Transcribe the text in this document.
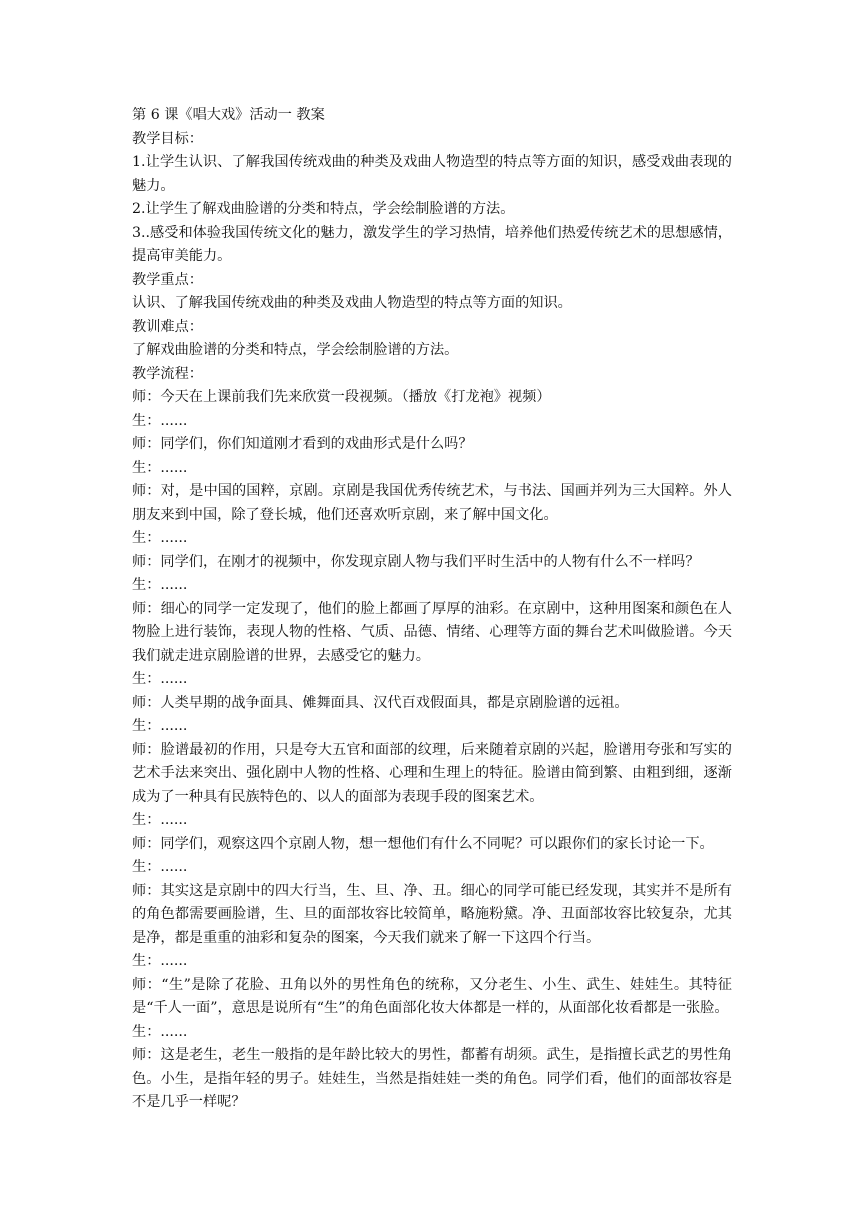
第 6 课《唱大戏》活动一 教案

教学目标：

1.让学生认识、了解我国传统戏曲的种类及戏曲人物造型的特点等方面的知识，感受戏曲表现的魅力。

2.让学生了解戏曲脸谱的分类和特点，学会绘制脸谱的方法。

3..感受和体验我国传统文化的魅力，激发学生的学习热情，培养他们热爱传统艺术的思想感情，提高审美能力。

教学重点：

认识、了解我国传统戏曲的种类及戏曲人物造型的特点等方面的知识。

教训难点：

了解戏曲脸谱的分类和特点，学会绘制脸谱的方法。

教学流程：

师：今天在上课前我们先来欣赏一段视频。（播放《打龙袍》视频）

生：......

师：同学们，你们知道刚才看到的戏曲形式是什么吗？

生：......

师：对，是中国的国粹，京剧。京剧是我国优秀传统艺术，与书法、国画并列为三大国粹。外人朋友来到中国，除了登长城，他们还喜欢听京剧，来了解中国文化。

生：......

师：同学们，在刚才的视频中，你发现京剧人物与我们平时生活中的人物有什么不一样吗？

生：......

师：细心的同学一定发现了，他们的脸上都画了厚厚的油彩。在京剧中，这种用图案和颜色在人物脸上进行装饰，表现人物的性格、气质、品德、情绪、心理等方面的舞台艺术叫做脸谱。今天我们就走进京剧脸谱的世界，去感受它的魅力。

生：......

师：人类早期的战争面具、傩舞面具、汉代百戏假面具，都是京剧脸谱的远祖。

生：......

师：脸谱最初的作用，只是夸大五官和面部的纹理，后来随着京剧的兴起，脸谱用夸张和写实的艺术手法来突出、强化剧中人物的性格、心理和生理上的特征。脸谱由简到繁、由粗到细，逐渐成为了一种具有民族特色的、以人的面部为表现手段的图案艺术。

生：......

师：同学们，观察这四个京剧人物，想一想他们有什么不同呢？可以跟你们的家长讨论一下。

生：......

师：其实这是京剧中的四大行当，生、旦、净、丑。细心的同学可能已经发现，其实并不是所有的角色都需要画脸谱，生、旦的面部妆容比较简单，略施粉黛。净、丑面部妆容比较复杂，尤其是净，都是重重的油彩和复杂的图案，今天我们就来了解一下这四个行当。

生：......

师：“生”是除了花脸、丑角以外的男性角色的统称，又分老生、小生、武生、娃娃生。其特征是“千人一面”，意思是说所有“生”的角色面部化妆大体都是一样的，从面部化妆看都是一张脸。

生：......

师：这是老生，老生一般指的是年龄比较大的男性，都蓄有胡须。武生，是指擅长武艺的男性角色。小生，是指年轻的男子。娃娃生，当然是指娃娃一类的角色。同学们看，他们的面部妆容是不是几乎一样呢？
